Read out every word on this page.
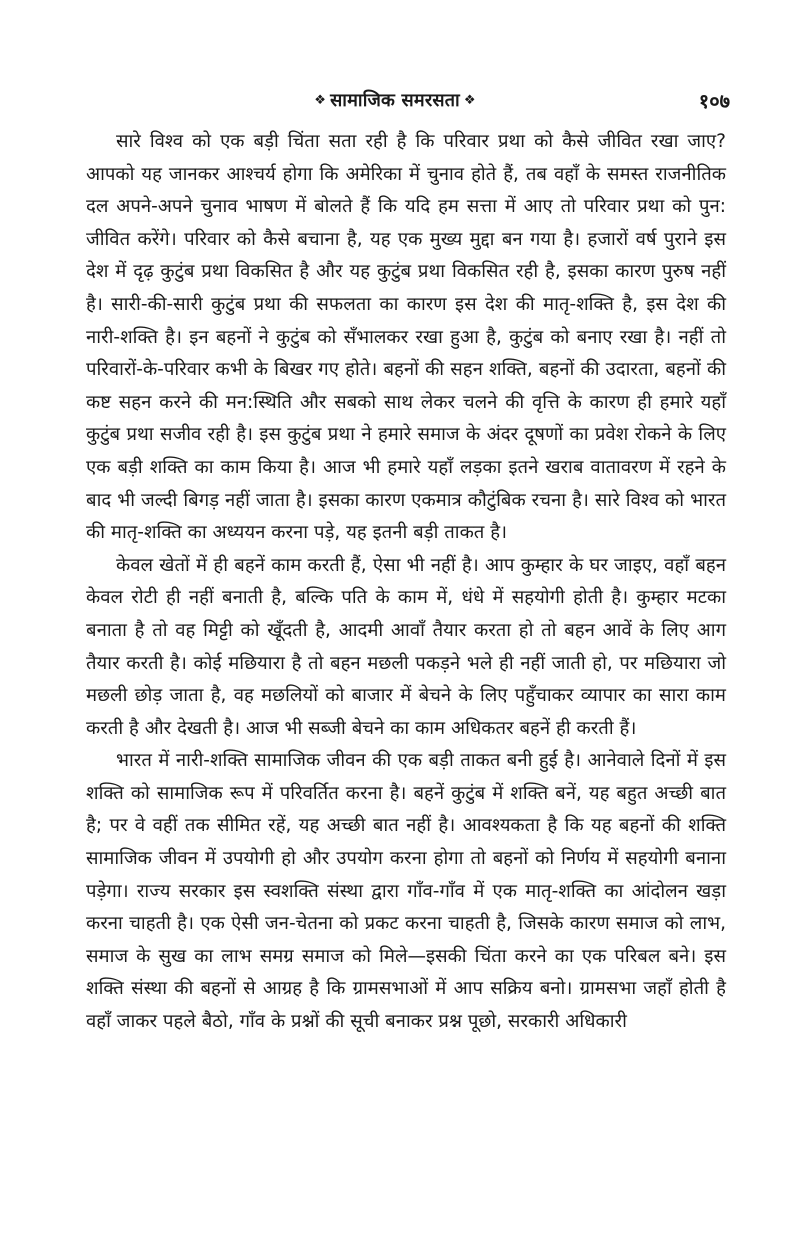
❖ सामाजिक समरसता ❖	१०७

सारे विश्व को एक बड़ी चिंता सता रही है कि परिवार प्रथा को कैसे जीवित रखा जाए? आपको यह जानकर आश्चर्य होगा कि अमेरिका में चुनाव होते हैं, तब वहाँ के समस्त राजनीतिक दल अपने-अपने चुनाव भाषण में बोलते हैं कि यदि हम सत्ता में आए तो परिवार प्रथा को पुन: जीवित करेंगे। परिवार को कैसे बचाना है, यह एक मुख्य मुद्दा बन गया है। हजारों वर्ष पुराने इस देश में दृढ़ कुटुंब प्रथा विकसित है और यह कुटुंब प्रथा विकसित रही है, इसका कारण पुरुष नहीं है। सारी-की-सारी कुटुंब प्रथा की सफलता का कारण इस देश की मातृ-शक्ति है, इस देश की नारी-शक्ति है। इन बहनों ने कुटुंब को सँभालकर रखा हुआ है, कुटुंब को बनाए रखा है। नहीं तो परिवारों-के-परिवार कभी के बिखर गए होते। बहनों की सहन शक्ति, बहनों की उदारता, बहनों की कष्ट सहन करने की मन:स्थिति और सबको साथ लेकर चलने की वृत्ति के कारण ही हमारे यहाँ कुटुंब प्रथा सजीव रही है। इस कुटुंब प्रथा ने हमारे समाज के अंदर दूषणों का प्रवेश रोकने के लिए एक बड़ी शक्ति का काम किया है। आज भी हमारे यहाँ लड़का इतने खराब वातावरण में रहने के बाद भी जल्दी बिगड़ नहीं जाता है। इसका कारण एकमात्र कौटुंबिक रचना है। सारे विश्व को भारत की मातृ-शक्ति का अध्ययन करना पड़े, यह इतनी बड़ी ताकत है।

केवल खेतों में ही बहनें काम करती हैं, ऐसा भी नहीं है। आप कुम्हार के घर जाइए, वहाँ बहन केवल रोटी ही नहीं बनाती है, बल्कि पति के काम में, धंधे में सहयोगी होती है। कुम्हार मटका बनाता है तो वह मिट्टी को खूँदती है, आदमी आवाँ तैयार करता हो तो बहन आवें के लिए आग तैयार करती है। कोई मछियारा है तो बहन मछली पकड़ने भले ही नहीं जाती हो, पर मछियारा जो मछली छोड़ जाता है, वह मछलियों को बाजार में बेचने के लिए पहुँचाकर व्यापार का सारा काम करती है और देखती है। आज भी सब्जी बेचने का काम अधिकतर बहनें ही करती हैं।

भारत में नारी-शक्ति सामाजिक जीवन की एक बड़ी ताकत बनी हुई है। आनेवाले दिनों में इस शक्ति को सामाजिक रूप में परिवर्तित करना है। बहनें कुटुंब में शक्ति बनें, यह बहुत अच्छी बात है; पर वे वहीं तक सीमित रहें, यह अच्छी बात नहीं है। आवश्यकता है कि यह बहनों की शक्ति सामाजिक जीवन में उपयोगी हो और उपयोग करना होगा तो बहनों को निर्णय में सहयोगी बनाना पड़ेगा। राज्य सरकार इस स्वशक्ति संस्था द्वारा गाँव-गाँव में एक मातृ-शक्ति का आंदोलन खड़ा करना चाहती है। एक ऐसी जन-चेतना को प्रकट करना चाहती है, जिसके कारण समाज को लाभ, समाज के सुख का लाभ समग्र समाज को मिले—इसकी चिंता करने का एक परिबल बने। इस शक्ति संस्था की बहनों से आग्रह है कि ग्रामसभाओं में आप सक्रिय बनो। ग्रामसभा जहाँ होती है वहाँ जाकर पहले बैठो, गाँव के प्रश्नों की सूची बनाकर प्रश्न पूछो, सरकारी अधिकारी
